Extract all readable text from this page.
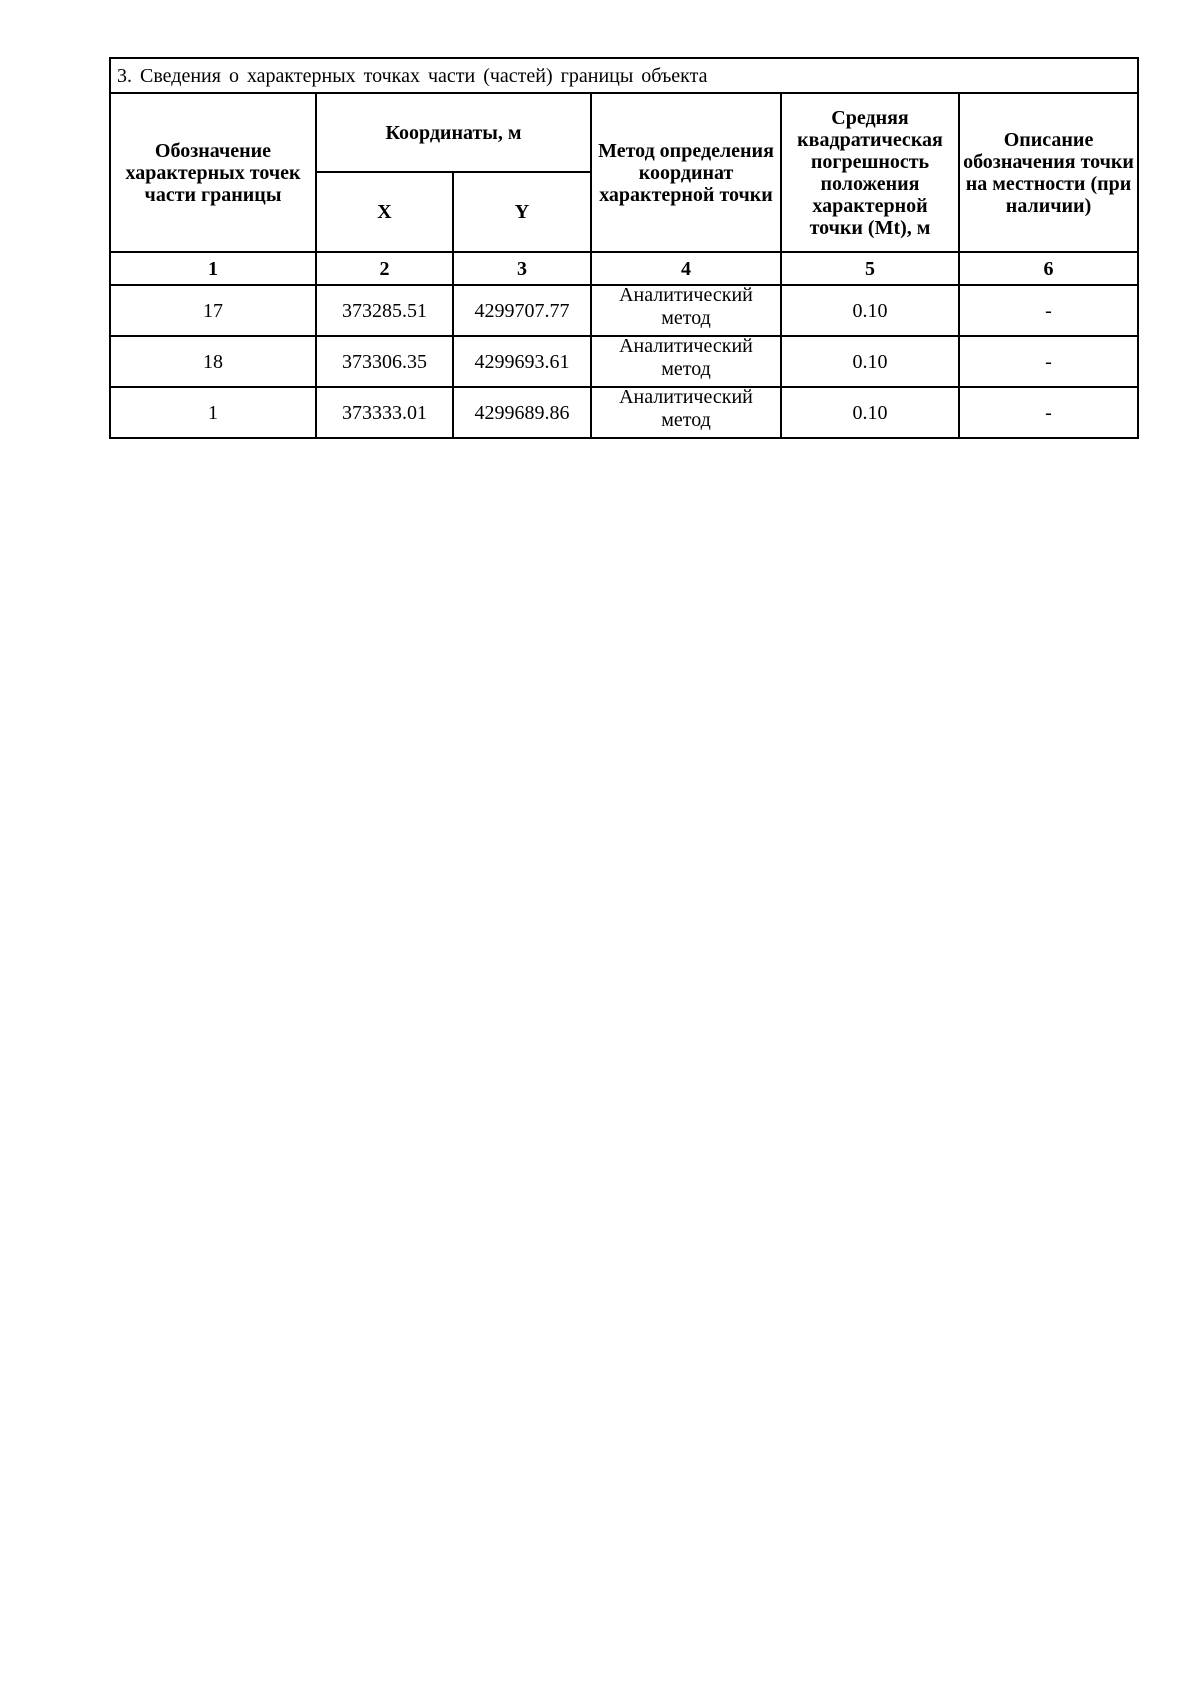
3. Сведения о характерных точках части (частей) границы объекта					
Обозначение характерных точек части границы	Координаты, м		Метод определения координат характерной точки	Средняя квадратическая погрешность положения характерной точки (Mt), м	Описание обозначения точки на местности (при наличии)
	X	Y			
1	2	3	4	5	6
17	373285.51	4299707.77	Аналитический метод	0.10	-
18	373306.35	4299693.61	Аналитический метод	0.10	-
1	373333.01	4299689.86	Аналитический метод	0.10	-
